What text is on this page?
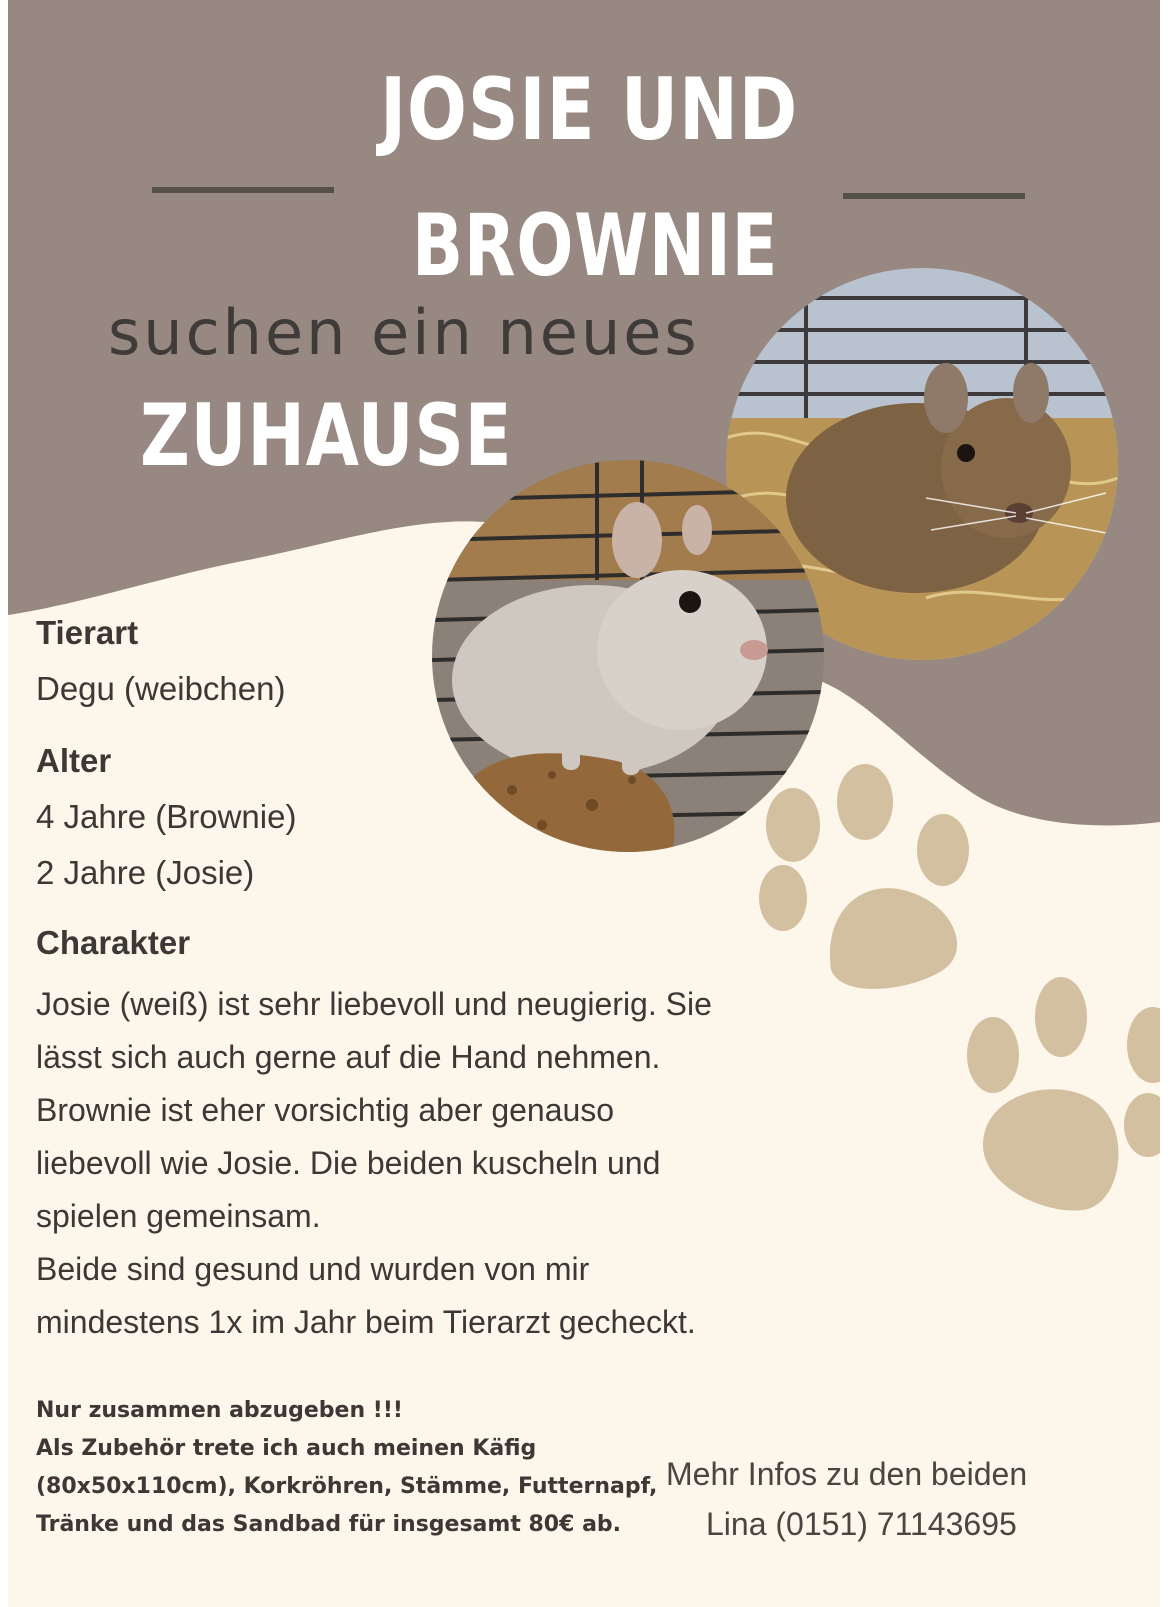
JOSIE UND
BROWNIE
suchen ein neues
ZUHAUSE
Tierart
Degu (weibchen)
Alter
4 Jahre (Brownie)
2 Jahre (Josie)
Charakter
Josie (weiß) ist sehr liebevoll und neugierig. Sie
lässt sich auch gerne auf die Hand nehmen.
Brownie ist eher vorsichtig aber genauso
liebevoll wie Josie. Die beiden kuscheln und
spielen gemeinsam.
Beide sind gesund und wurden von mir
mindestens 1x im Jahr beim Tierarzt gecheckt.
Nur zusammen abzugeben !!!
Als Zubehör trete ich auch meinen Käfig
(80x50x110cm), Korkröhren, Stämme, Futternapf,
Tränke und das Sandbad für insgesamt 80€ ab.
Mehr Infos zu den beiden
Lina (0151) 71143695
